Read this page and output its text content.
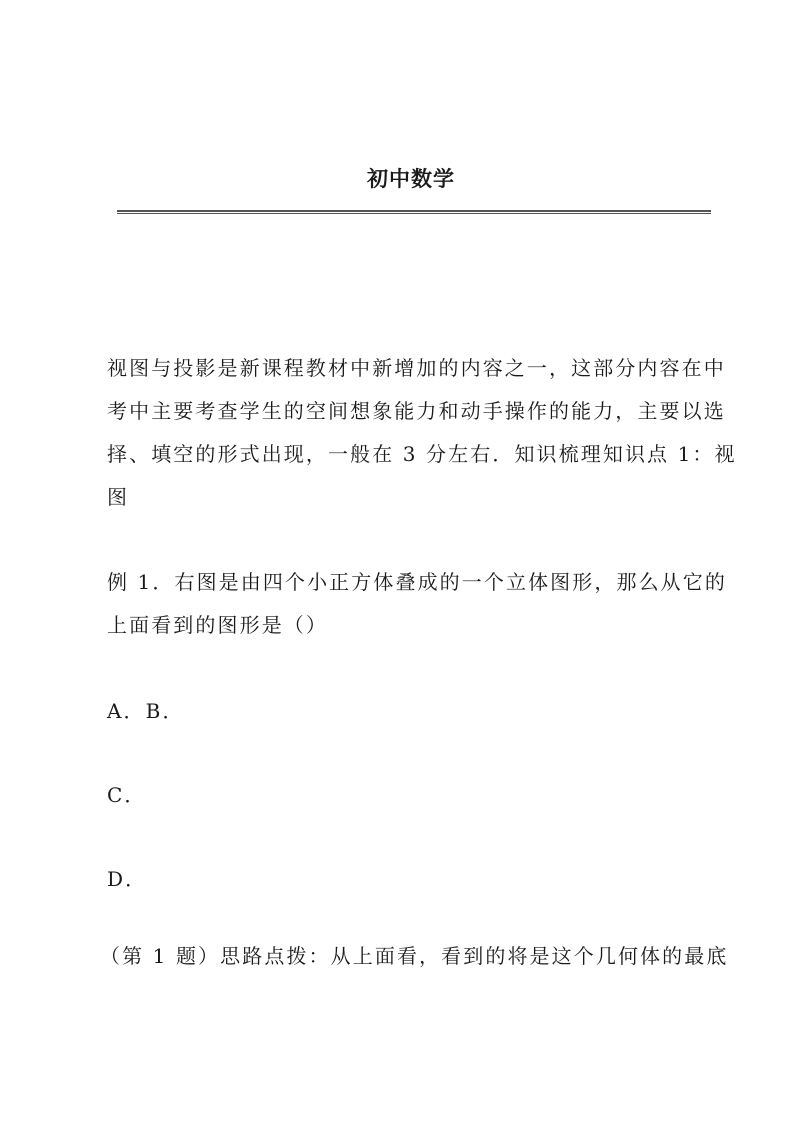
初中数学
视图与投影是新课程教材中新增加的内容之一，这部分内容在中
考中主要考查学生的空间想象能力和动手操作的能力，主要以选
择、填空的形式出现，一般在 3 分左右．知识梳理知识点 1：视
图
例 1．右图是由四个小正方体叠成的一个立体图形，那么从它的
上面看到的图形是（）
A．B．
C．
D．
（第 1 题）思路点拨：从上面看，看到的将是这个几何体的最底
